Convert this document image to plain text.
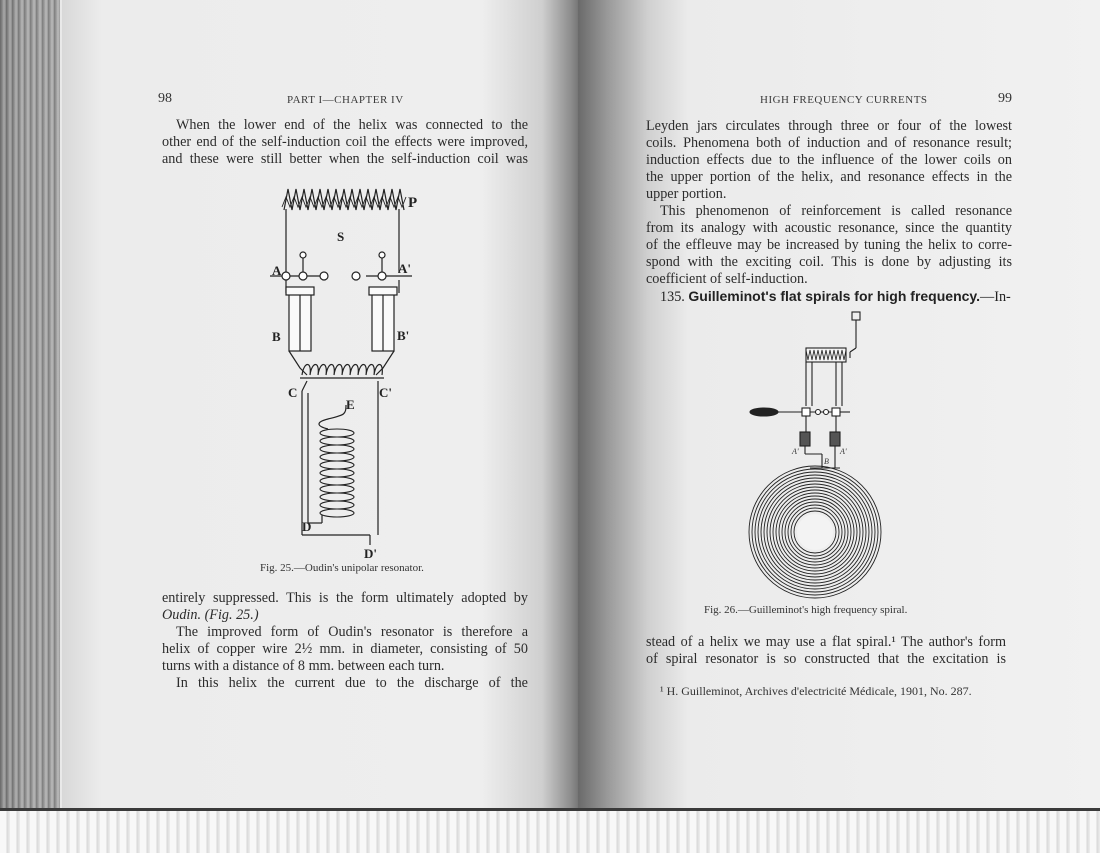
98	PART I—CHAPTER IV

When the lower end of the helix was connected to the

other end of the self-induction coil the effects were improved,

and these were still better when the self-induction coil was

P
S
A	A'
B	B'
C	C'
E
D
D'
Fig. 25.—Oudin's unipolar resonator.

entirely suppressed. This is the form ultimately adopted by

Oudin. (Fig. 25.)

The improved form of Oudin's resonator is therefore a

helix of copper wire 2½ mm. in diameter, consisting of 50

turns with a distance of 8 mm. between each turn.

In this helix the current due to the discharge of the

HIGH FREQUENCY CURRENTS	99

Leyden jars circulates through three or four of the lowest

coils. Phenomena both of induction and of resonance result;

induction effects due to the influence of the lower coils on

the upper portion of the helix, and resonance effects in the

upper portion.

This phenomenon of reinforcement is called resonance

from its analogy with acoustic resonance, since the quantity

of the effleuve may be increased by tuning the helix to corre-

spond with the exciting coil. This is done by adjusting its

coefficient of self-induction.

135. Guilleminot's flat spirals for high frequency.—In-
A'	A'
B
Fig. 26.—Guilleminot's high frequency spiral.

stead of a helix we may use a flat spiral.¹ The author's form

of spiral resonator is so constructed that the excitation is

¹ H. Guilleminot, Archives d'electricité Médicale, 1901, No. 287.
